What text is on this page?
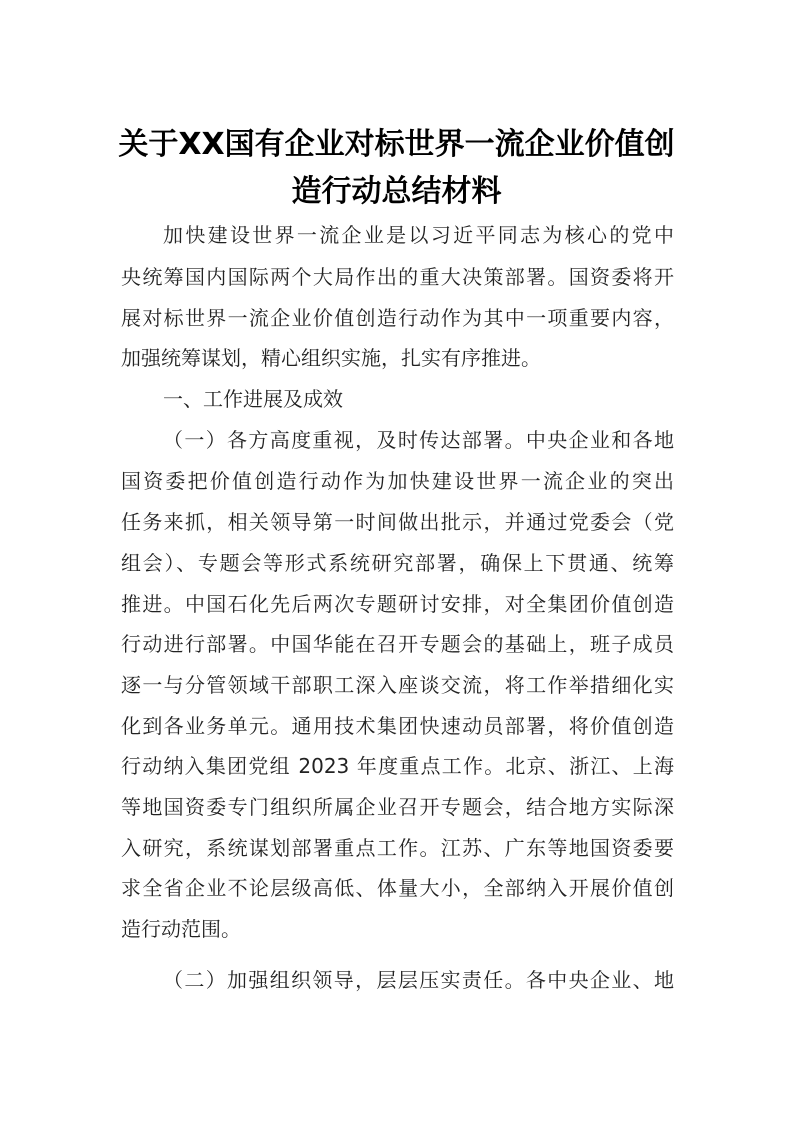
关于XX国有企业对标世界一流企业价值创
造行动总结材料
加快建设世界一流企业是以习近平同志为核心的党中
央统筹国内国际两个大局作出的重大决策部署。国资委将开
展对标世界一流企业价值创造行动作为其中一项重要内容，
加强统筹谋划，精心组织实施，扎实有序推进。
一、工作进展及成效
（一）各方高度重视，及时传达部署。中央企业和各地
国资委把价值创造行动作为加快建设世界一流企业的突出
任务来抓，相关领导第一时间做出批示，并通过党委会（党
组会）、专题会等形式系统研究部署，确保上下贯通、统筹
推进。中国石化先后两次专题研讨安排，对全集团价值创造
行动进行部署。中国华能在召开专题会的基础上，班子成员
逐一与分管领域干部职工深入座谈交流，将工作举措细化实
化到各业务单元。通用技术集团快速动员部署，将价值创造
行动纳入集团党组 2023 年度重点工作。北京、浙江、上海
等地国资委专门组织所属企业召开专题会，结合地方实际深
入研究，系统谋划部署重点工作。江苏、广东等地国资委要
求全省企业不论层级高低、体量大小，全部纳入开展价值创
造行动范围。
（二）加强组织领导，层层压实责任。各中央企业、地
